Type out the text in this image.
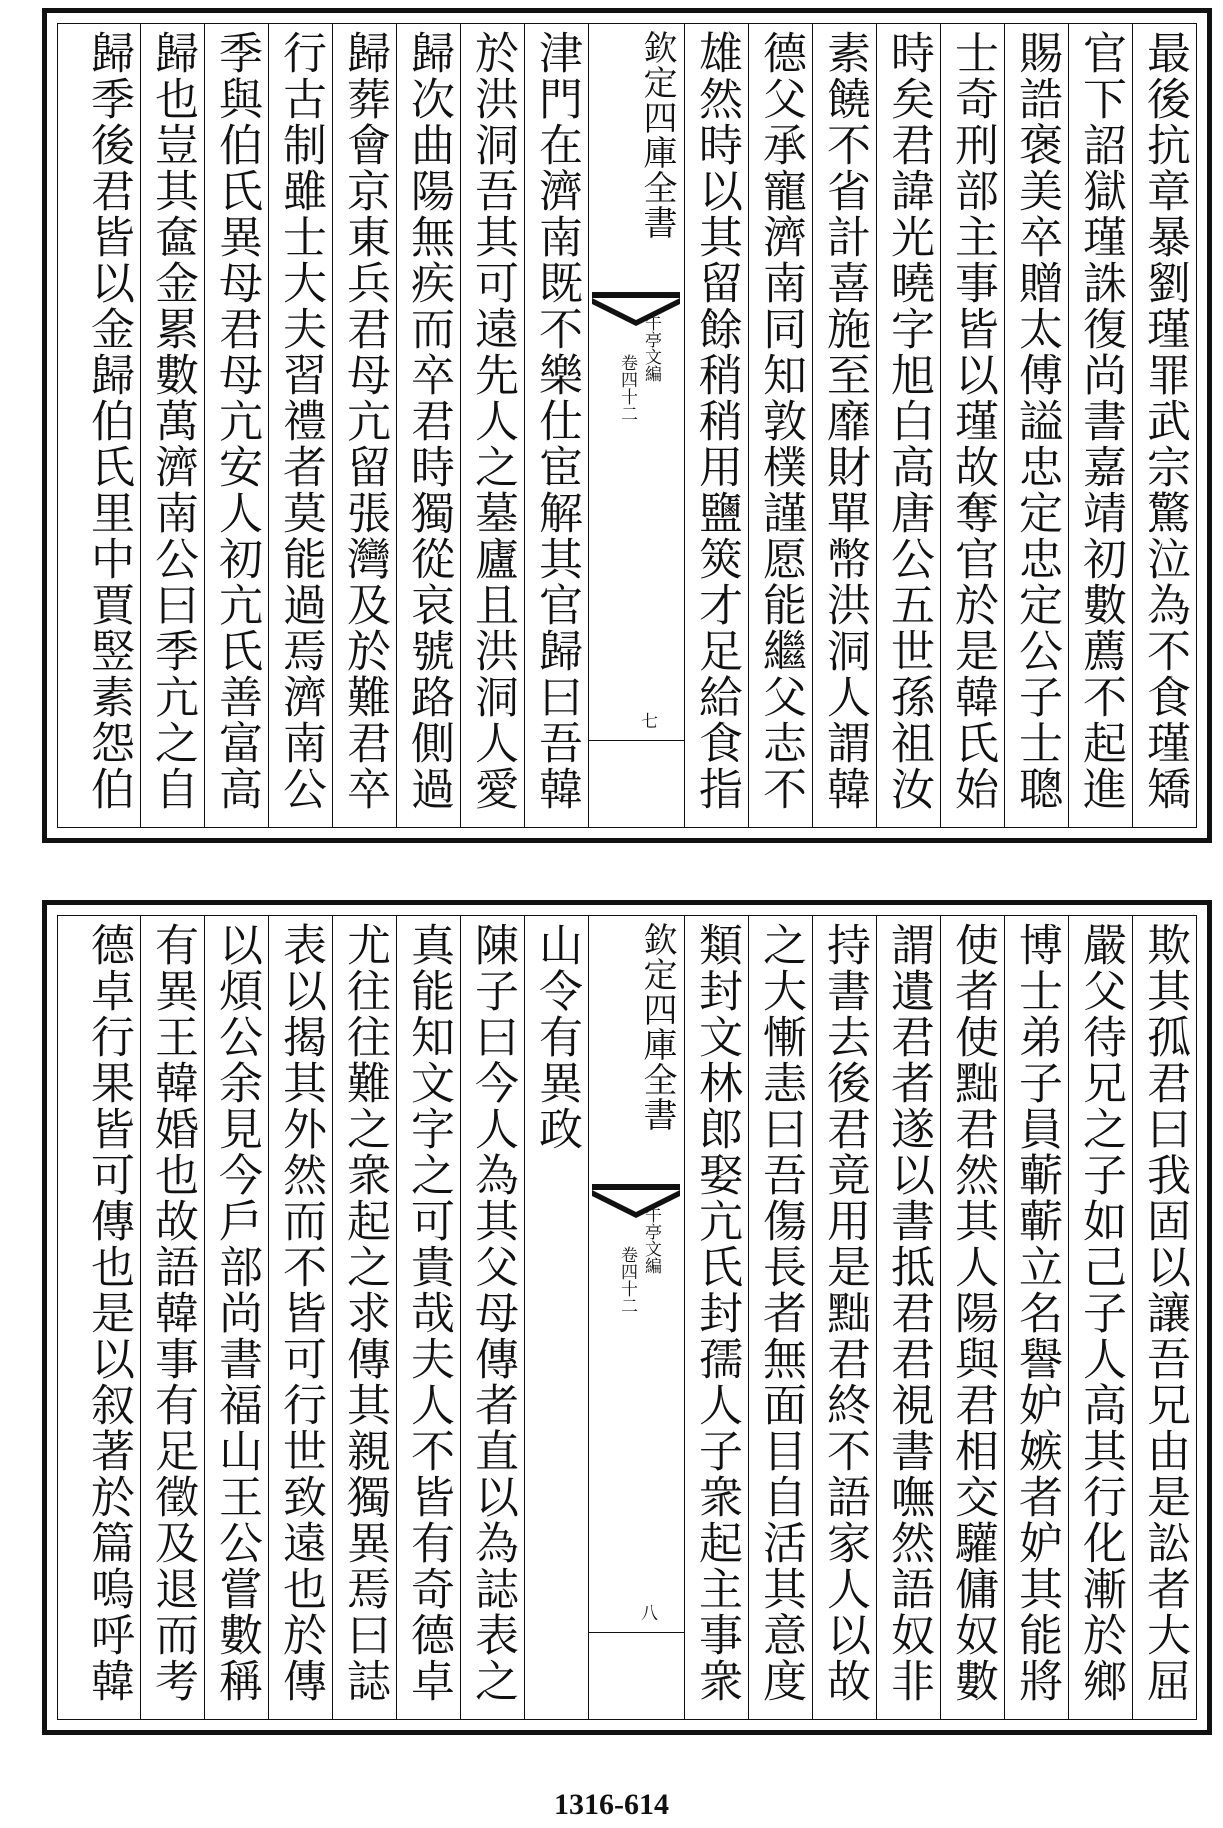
最後抗章暴劉瑾罪武宗驚泣為不食瑾矯
官下詔獄瑾誅復尚書嘉靖初數薦不起進
賜誥褒美卒贈太傅謚忠定忠定公子士聰
士奇刑部主事皆以瑾故奪官於是韓氏始
時矣君諱光曉字旭白高唐公五世孫祖汝
素饒不省計喜施至靡財單幣洪洞人謂韓
德父承寵濟南同知敦樸謹愿能繼父志不
雄然時以其留餘稍稍用鹽筴才足給食指
欽定四庫全書
午亭文編
卷四十二
七
津門在濟南既不樂仕宦解其官歸曰吾韓
於洪洞吾其可遠先人之墓廬且洪洞人愛
歸次曲陽無疾而卒君時獨從哀號路側過
歸葬會京東兵君母亢留張灣及於難君卒
行古制雖士大夫習禮者莫能過焉濟南公
季與伯氏異母君母亢安人初亢氏善富高
歸也豈其奩金累數萬濟南公曰季亢之自
歸季後君皆以金歸伯氏里中賈竪素怨伯
欺其孤君曰我固以讓吾兄由是訟者大屈
嚴父待兄之子如己子人高其行化漸於鄉
博士弟子員蘄蘄立名譽妒嫉者妒其能將
使者使黜君然其人陽與君相交驩傭奴數
謂遺君者遂以書抵君君視書嘸然語奴非
持書去後君竟用是黜君終不語家人以故
之大慚恚曰吾傷長者無面目自活其意度
類封文林郎娶亢氏封孺人子衆起主事衆
欽定四庫全書
午亭文編
卷四十二
八
山令有異政
陳子曰今人為其父母傳者直以為誌表之
真能知文字之可貴哉夫人不皆有奇德卓
尤往往難之衆起之求傳其親獨異焉曰誌
表以揭其外然而不皆可行世致遠也於傳
以煩公余見今戶部尚書福山王公嘗數稱
有異王韓婚也故語韓事有足徵及退而考
德卓行果皆可傳也是以叙著於篇嗚呼韓
1316-614
